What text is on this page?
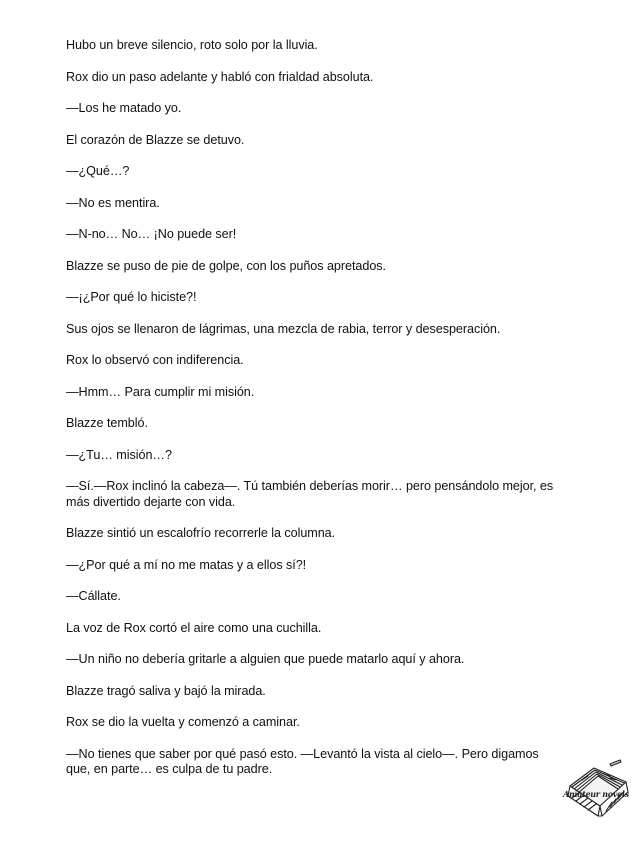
Hubo un breve silencio, roto solo por la lluvia.

Rox dio un paso adelante y habló con frialdad absoluta.

—Los he matado yo.

El corazón de Blazze se detuvo.

—¿Qué…?

—No es mentira.

—N-no… No… ¡No puede ser!

Blazze se puso de pie de golpe, con los puños apretados.

—¡¿Por qué lo hiciste?!

Sus ojos se llenaron de lágrimas, una mezcla de rabia, terror y desesperación.

Rox lo observó con indiferencia.

—Hmm… Para cumplir mi misión.

Blazze tembló.

—¿Tu… misión…?

—Sí.—Rox inclinó la cabeza—. Tú también deberías morir… pero pensándolo mejor, es más divertido dejarte con vida.

Blazze sintió un escalofrío recorrerle la columna.

—¿Por qué a mí no me matas y a ellos sí?!

—Cállate.

La voz de Rox cortó el aire como una cuchilla.

—Un niño no debería gritarle a alguien que puede matarlo aquí y ahora.

Blazze tragó saliva y bajó la mirada.

Rox se dio la vuelta y comenzó a caminar.

—No tienes que saber por qué pasó esto. —Levantó la vista al cielo—. Pero digamos que, en parte… es culpa de tu padre.

Amateur novels
